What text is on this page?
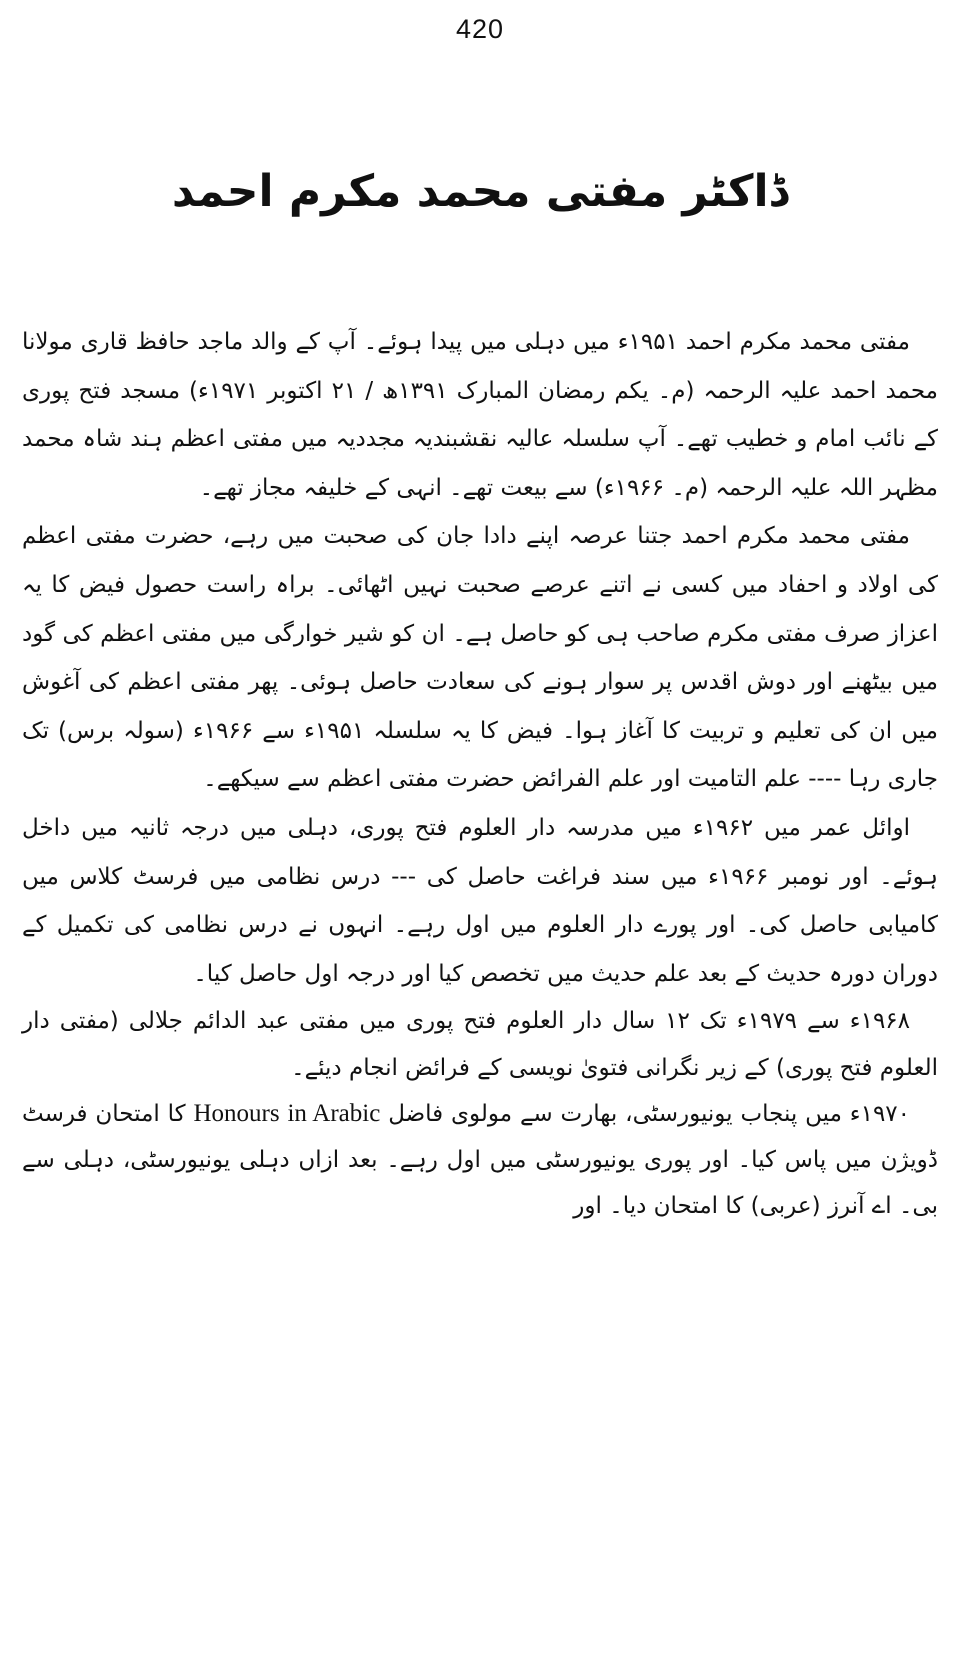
420
ڈاکٹر مفتی محمد مکرم احمد

مفتی محمد مکرم احمد ۱۹۵۱ء میں دہلی میں پیدا ہوئے۔ آپ کے والد ماجد حافظ قاری مولانا محمد احمد علیہ الرحمہ (م۔ یکم رمضان المبارک ۱۳۹۱ھ / ۲۱ اکتوبر ۱۹۷۱ء) مسجد فتح پوری کے نائب امام و خطیب تھے۔ آپ سلسلہ عالیہ نقشبندیہ مجددیہ میں مفتی اعظم ہند شاہ محمد مظہر اللہ علیہ الرحمہ (م۔ ۱۹۶۶ء) سے بیعت تھے۔ انہی کے خلیفہ مجاز تھے۔

مفتی محمد مکرم احمد جتنا عرصہ اپنے دادا جان کی صحبت میں رہے، حضرت مفتی اعظم کی اولاد و احفاد میں کسی نے اتنے عرصے صحبت نہیں اٹھائی۔ براہ راست حصول فیض کا یہ اعزاز صرف مفتی مکرم صاحب ہی کو حاصل ہے۔ ان کو شیر خوارگی میں مفتی اعظم کی گود میں بیٹھنے اور دوش اقدس پر سوار ہونے کی سعادت حاصل ہوئی۔ پھر مفتی اعظم کی آغوش میں ان کی تعلیم و تربیت کا آغاز ہوا۔ فیض کا یہ سلسلہ ۱۹۵۱ء سے ۱۹۶۶ء (سولہ برس) تک جاری رہا ---- علم التامیت اور علم الفرائض حضرت مفتی اعظم سے سیکھے۔

اوائل عمر میں ۱۹۶۲ء میں مدرسہ دار العلوم فتح پوری، دہلی میں درجہ ثانیہ میں داخل ہوئے۔ اور نومبر ۱۹۶۶ء میں سند فراغت حاصل کی --- درس نظامی میں فرسٹ کلاس میں کامیابی حاصل کی۔ اور پورے دار العلوم میں اول رہے۔ انہوں نے درس نظامی کی تکمیل کے دوران دورہ حدیث کے بعد علم حدیث میں تخصص کیا اور درجہ اول حاصل کیا۔

۱۹۶۸ء سے ۱۹۷۹ء تک ۱۲ سال دار العلوم فتح پوری میں مفتی عبد الدائم جلالی (مفتی دار العلوم فتح پوری) کے زیر نگرانی فتویٰ نویسی کے فرائض انجام دیئے۔

۱۹۷۰ء میں پنجاب یونیورسٹی، بھارت سے مولوی فاضل in Arabic Honours کا امتحان فرسٹ ڈویژن میں پاس کیا۔ اور پوری یونیورسٹی میں اول رہے۔ بعد ازاں دہلی یونیورسٹی، دہلی سے بی۔ اے آنرز (عربی) کا امتحان دیا۔ اور
